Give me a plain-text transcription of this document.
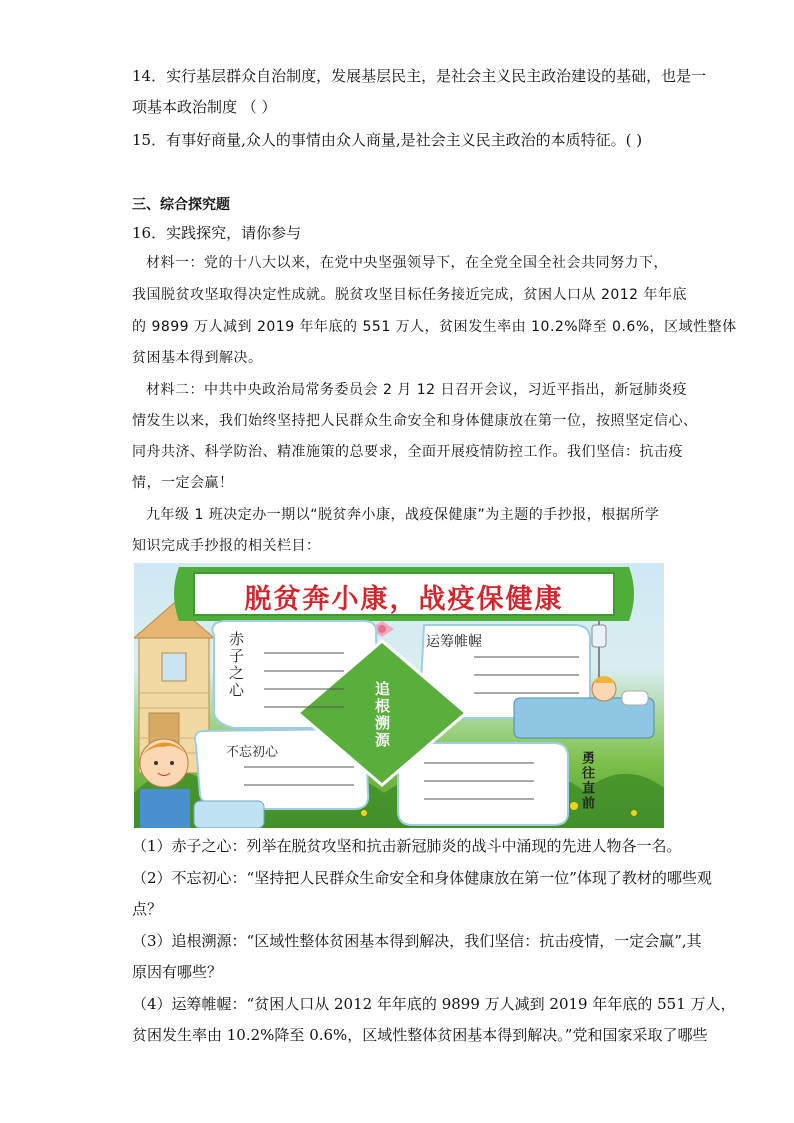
14．实行基层群众自治制度，发展基层民主，是社会主义民主政治建设的基础，也是一
项基本政治制度 （ ）
15．有事好商量,众人的事情由众人商量,是社会主义民主政治的本质特征。( )
三、综合探究题
16．实践探究，请你参与
材料一：党的十八大以来，在党中央坚强领导下，在全党全国全社会共同努力下，
我国脱贫攻坚取得决定性成就。脱贫攻坚目标任务接近完成，贫困人口从 2012 年年底
的 9899 万人减到 2019 年年底的 551 万人，贫困发生率由 10.2%降至 0.6%，区域性整体
贫困基本得到解决。
材料二：中共中央政治局常务委员会 2 月 12 日召开会议，习近平指出，新冠肺炎疫
情发生以来，我们始终坚持把人民群众生命安全和身体健康放在第一位，按照坚定信心、
同舟共济、科学防治、精准施策的总要求，全面开展疫情防控工作。我们坚信：抗击疫
情，一定会赢！
九年级 1 班决定办一期以“脱贫奔小康，战疫保健康”为主题的手抄报，根据所学
知识完成手抄报的相关栏目：
脱贫奔小康，战疫保健康
赤子之心	运筹帷幄
追根溯源
不忘初心	勇往直前
（1）赤子之心：列举在脱贫攻坚和抗击新冠肺炎的战斗中涌现的先进人物各一名。
（2）不忘初心：“坚持把人民群众生命安全和身体健康放在第一位”体现了教材的哪些观
点？
（3）追根溯源：“区域性整体贫困基本得到解决，我们坚信：抗击疫情，一定会赢”,其
原因有哪些？
（4）运筹帷幄：“贫困人口从 2012 年年底的 9899 万人减到 2019 年年底的 551 万人，
贫困发生率由 10.2%降至 0.6%，区域性整体贫困基本得到解决。”党和国家采取了哪些
